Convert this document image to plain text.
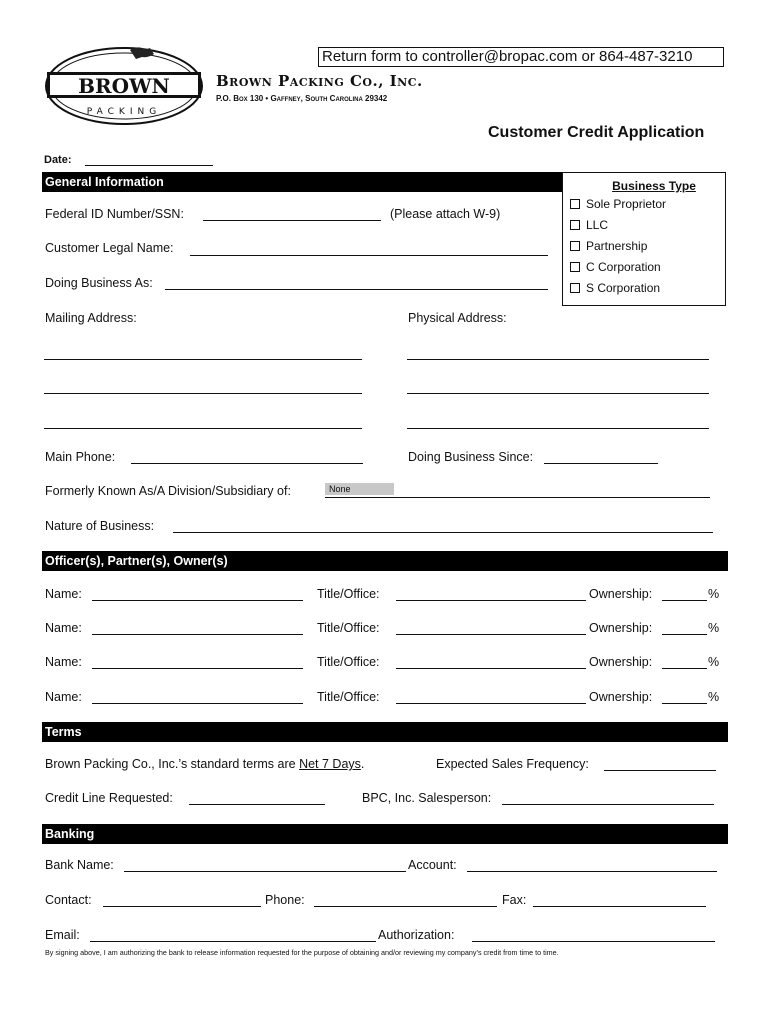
Return form to controller@bropac.com or 864-487-3210
BROWN
PACKING
Brown Packing Co., Inc.
P.O. Box 130 • Gaffney, South Carolina 29342
Customer Credit Application
Date:
General Information	Business Type
Sole Proprietor
LLC
Partnership
C Corporation
S Corporation
Federal ID Number/SSN:	(Please attach W-9)
Customer Legal Name:
Doing Business As:
Mailing Address:	Physical Address:
Main Phone:	Doing Business Since:
Formerly Known As/A Division/Subsidiary of:	None
Nature of Business:
Officer(s), Partner(s), Owner(s)
Name:	Title/Office:	Ownership:	%
Name:	Title/Office:	Ownership:	%
Name:	Title/Office:	Ownership:	%
Name:	Title/Office:	Ownership:	%
Terms
Brown Packing Co., Inc.’s standard terms are Net 7 Days.	Expected Sales Frequency:
Credit Line Requested:	BPC, Inc. Salesperson:
Banking
Bank Name:	Account:
Contact:	Phone:	Fax:
Email:	Authorization:
By signing above, I am authorizing the bank to release information requested for the purpose of obtaining and/or reviewing my company’s credit from time to time.
